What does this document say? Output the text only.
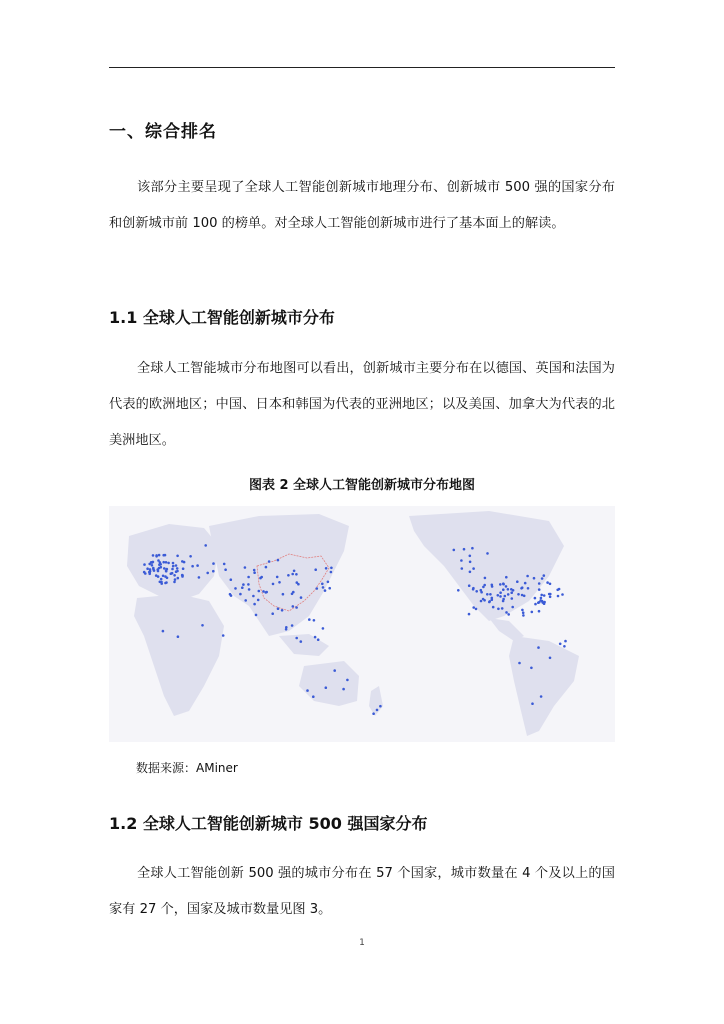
一、综合排名

该部分主要呈现了全球人工智能创新城市地理分布、创新城市 500 强的国家分布和创新城市前 100 的榜单。对全球人工智能创新城市进行了基本面上的解读。

1.1 全球人工智能创新城市分布

全球人工智能城市分布地图可以看出，创新城市主要分布在以德国、英国和法国为代表的欧洲地区；中国、日本和韩国为代表的亚洲地区；以及美国、加拿大为代表的北美洲地区。

图表 2 全球人工智能创新城市分布地图
数据来源：AMiner
1.2 全球人工智能创新城市 500 强国家分布

全球人工智能创新 500 强的城市分布在 57 个国家，城市数量在 4 个及以上的国家有 27 个，国家及城市数量见图 3。

1
